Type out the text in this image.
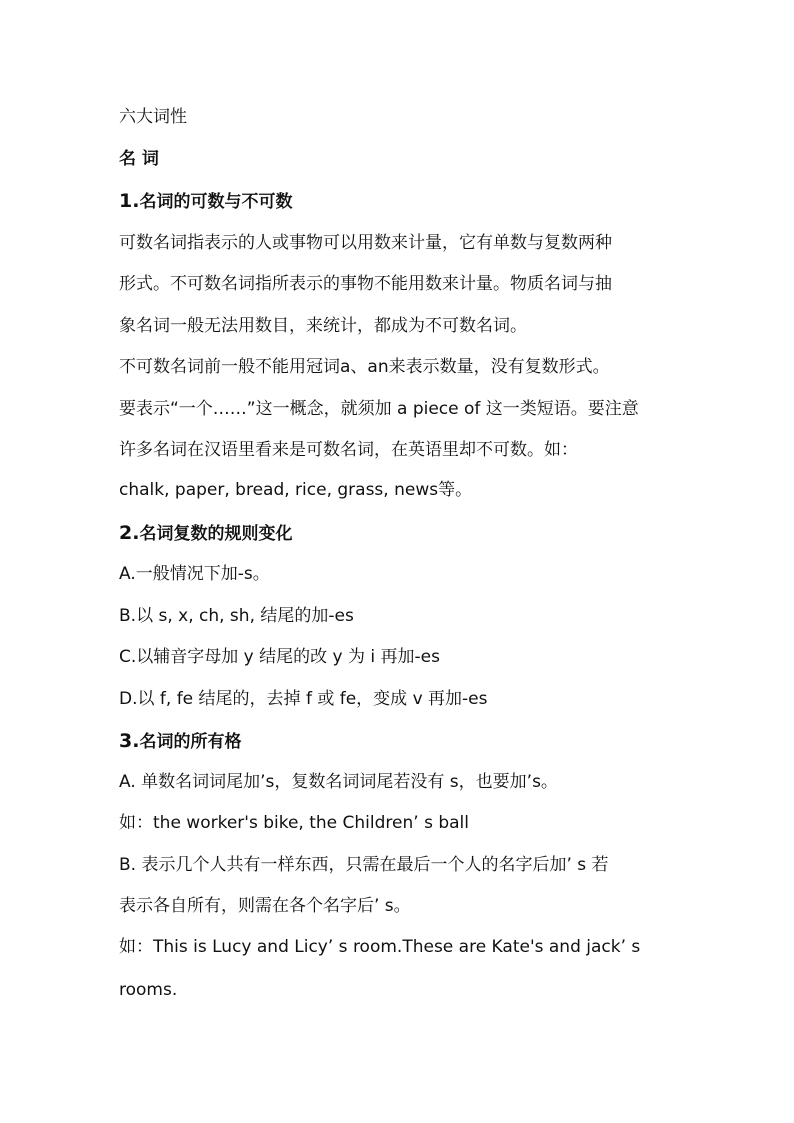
六大词性
名 词
1.名词的可数与不可数
可数名词指表示的人或事物可以用数来计量，它有单数与复数两种
形式。不可数名词指所表示的事物不能用数来计量。物质名词与抽
象名词一般无法用数目，来统计，都成为不可数名词。
不可数名词前一般不能用冠词a、an来表示数量，没有复数形式。
要表示“一个……”这一概念，就须加 a piece of 这一类短语。要注意
许多名词在汉语里看来是可数名词，在英语里却不可数。如：
chalk, paper, bread, rice, grass, news等。
2.名词复数的规则变化
A.一般情况下加-s。
B.以 s, x, ch, sh, 结尾的加-es
C.以辅音字母加 y 结尾的改 y 为 i 再加-es
D.以 f, fe 结尾的，去掉 f 或 fe，变成 v 再加-es
3.名词的所有格
A. 单数名词词尾加’s，复数名词词尾若没有 s，也要加’s。
如：the worker's bike, the Children’ s ball
B. 表示几个人共有一样东西，只需在最后一个人的名字后加’ s 若
表示各自所有，则需在各个名字后’ s。
如：This is Lucy and Licy’ s room.These are Kate's and jack’ s
rooms.
